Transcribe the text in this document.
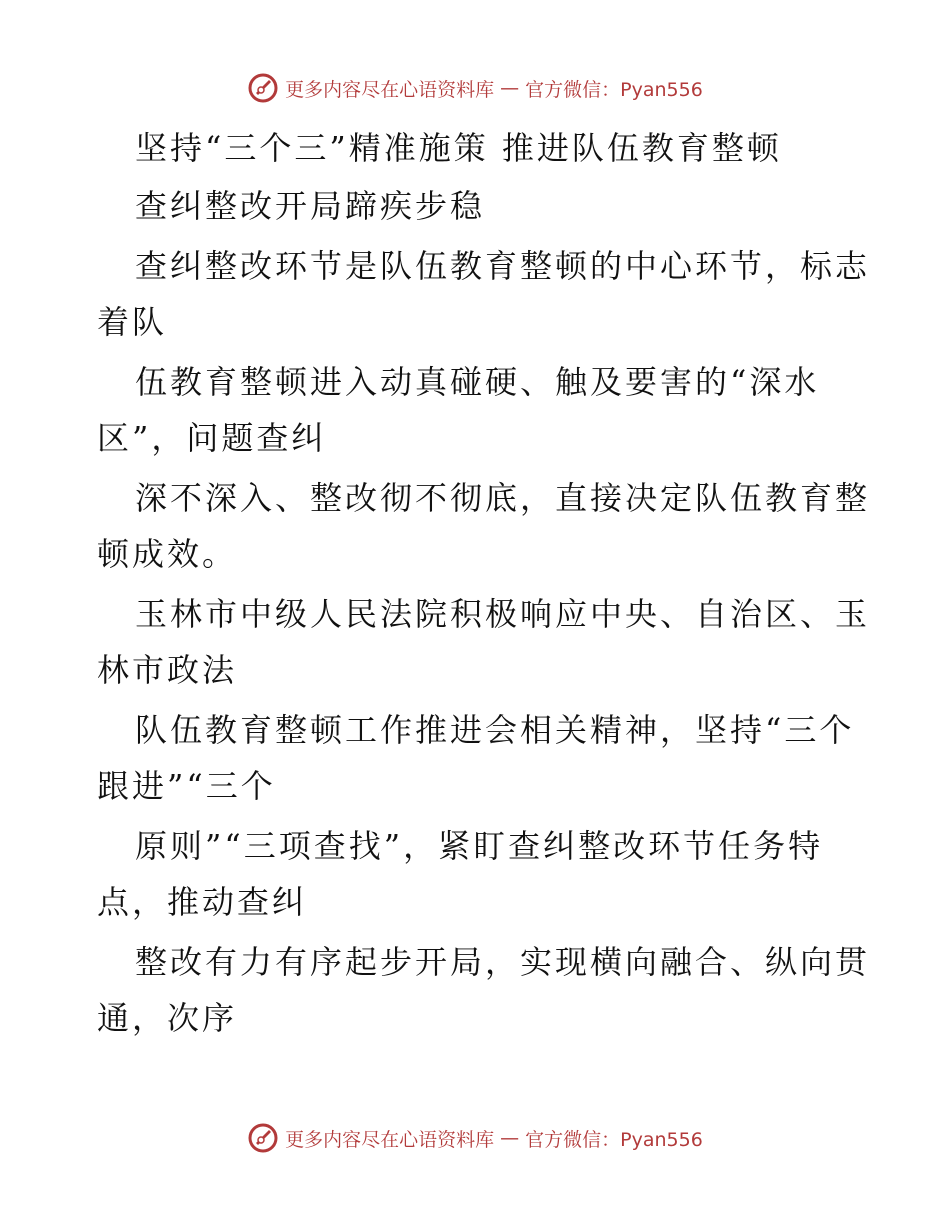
更多内容尽在心语资料库 — 官方微信：Pyan556
坚持“三个三”精准施策 推进队伍教育整顿
查纠整改开局蹄疾步稳
查纠整改环节是队伍教育整顿的中心环节，标志
着队
伍教育整顿进入动真碰硬、触及要害的“深水
区”，问题查纠
深不深入、整改彻不彻底，直接决定队伍教育整
顿成效。
玉林市中级人民法院积极响应中央、自治区、玉
林市政法
队伍教育整顿工作推进会相关精神，坚持“三个
跟进”“三个
原则”“三项查找”，紧盯查纠整改环节任务特
点，推动查纠
整改有力有序起步开局，实现横向融合、纵向贯
通，次序
更多内容尽在心语资料库 — 官方微信：Pyan556
